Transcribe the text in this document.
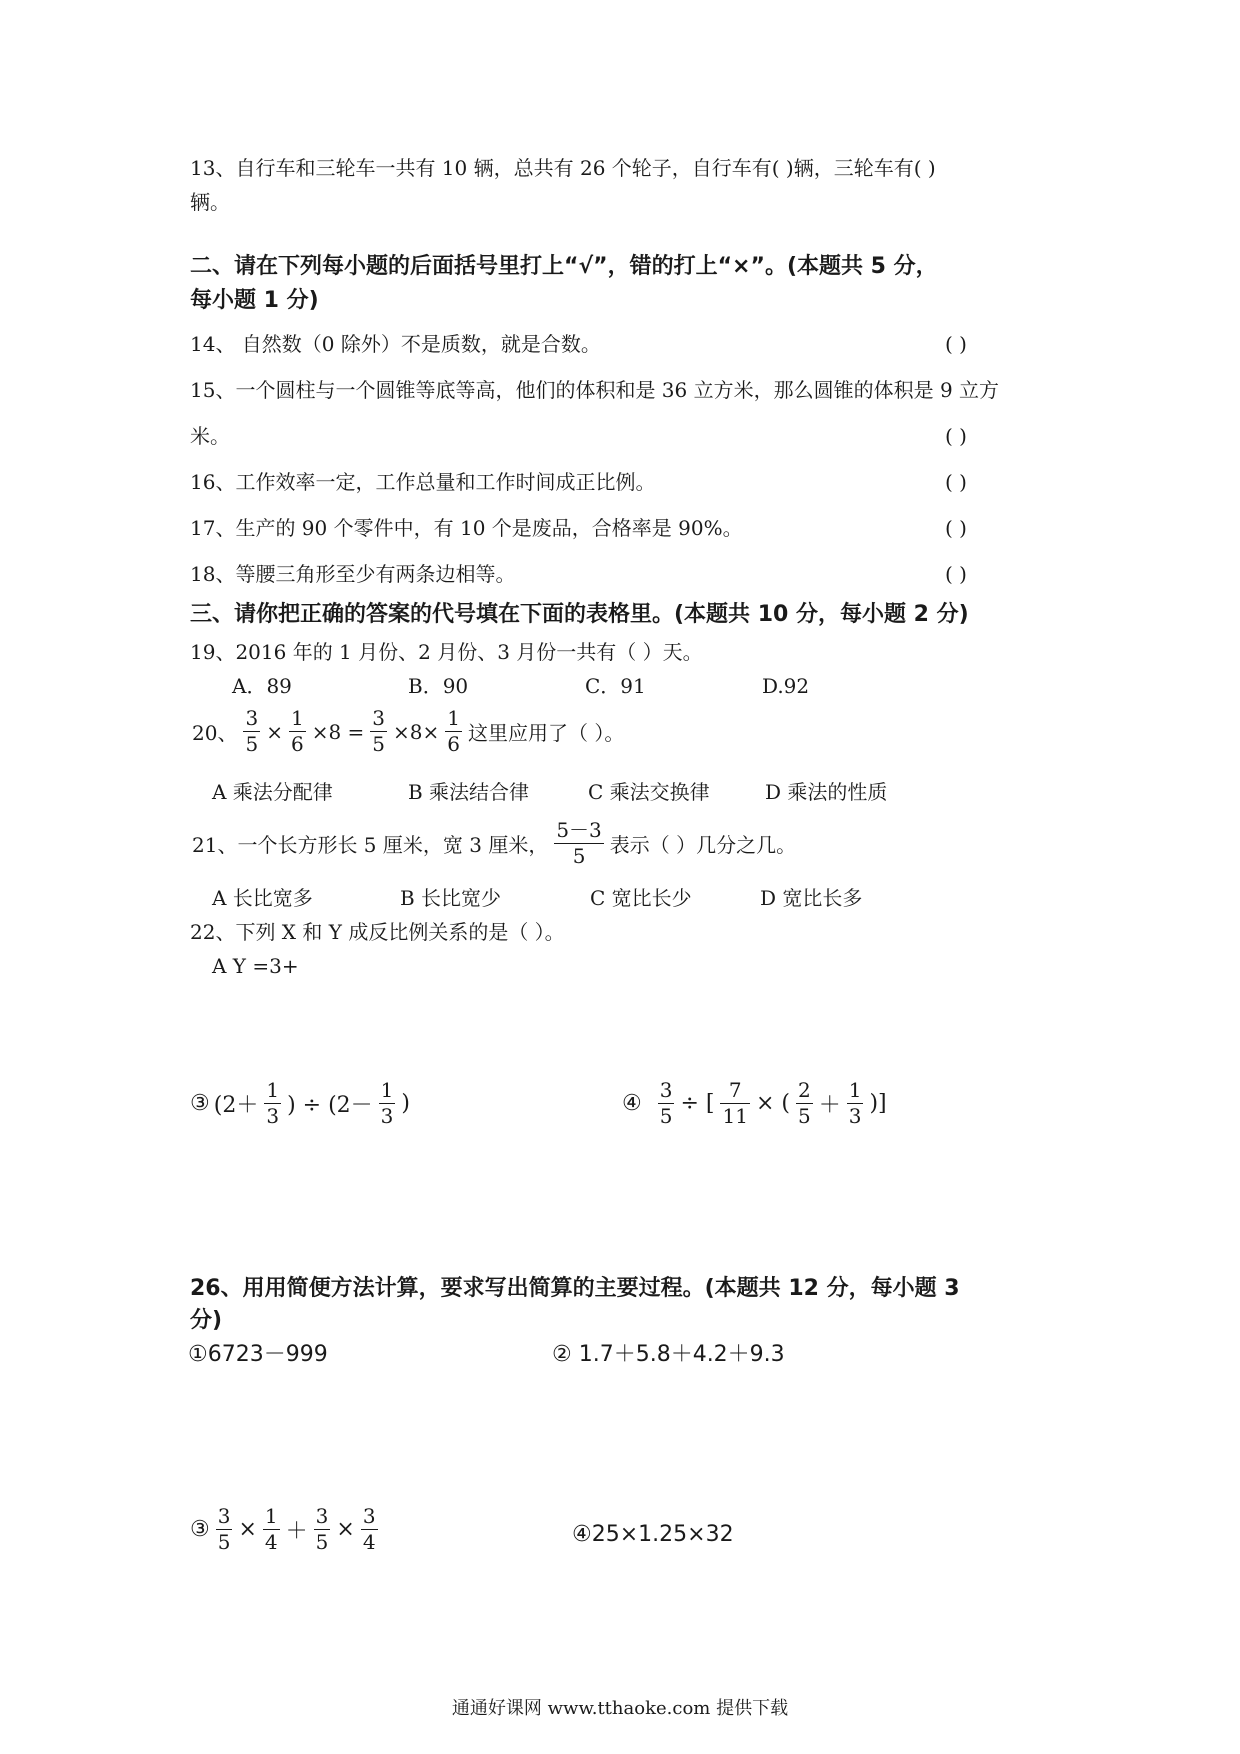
13、自行车和三轮车一共有 10 辆，总共有 26 个轮子，自行车有( )辆，三轮车有( )
辆。
二、请在下列每小题的后面括号里打上“√”，错的打上“×”。(本题共 5 分，
每小题 1 分)
14、 自然数（0 除外）不是质数，就是合数。	( )
15、一个圆柱与一个圆锥等底等高，他们的体积和是 36 立方米，那么圆锥的体积是 9 立方
米。	( )
16、工作效率一定，工作总量和工作时间成正比例。	( )
17、生产的 90 个零件中，有 10 个是废品，合格率是 90%。	( )
18、等腰三角形至少有两条边相等。	( )
三、请你把正确的答案的代号填在下面的表格里。(本题共 10 分，每小题 2 分)
19、2016 年的 1 月份、2 月份、3 月份一共有（ ）天。
A．89	B．90	C．91	D.92
20、 $\frac{3}{5} \times \frac{1}{6} \times 8 = \frac{3}{5} \times 8\times \frac{1}{6}$ 这里应用了（ ）。
A 乘法分配律	B 乘法结合律	C 乘法交换律	D 乘法的性质
21、一个长方形长 5 厘米，宽 3 厘米， $\frac{5-3}{5}$ 表示（ ）几分之几。
A 长比宽多	B 长比宽少	C 宽比长少	D 宽比长多
22、下列 X 和 Y 成反比例关系的是（ ）。
A Y =3+
③ ($2+ \frac{1}{3}$ ) ÷ ($2- \frac{1}{3}$ )	④ $\frac{3}{5}$ ÷ [ $\frac{7}{11}$ × ( $\frac{2}{5} + \frac{1}{3}$ )]
26、用用简便方法计算，要求写出简算的主要过程。(本题共 12 分，每小题 3
分)
①6723－999	② 1.7＋5.8＋4.2＋9.3
③ $\frac{3}{5} \times \frac{1}{4} + \frac{3}{5} \times \frac{3}{4}$	④25×1.25×32
通通好课网 www.tthaoke.com 提供下载
